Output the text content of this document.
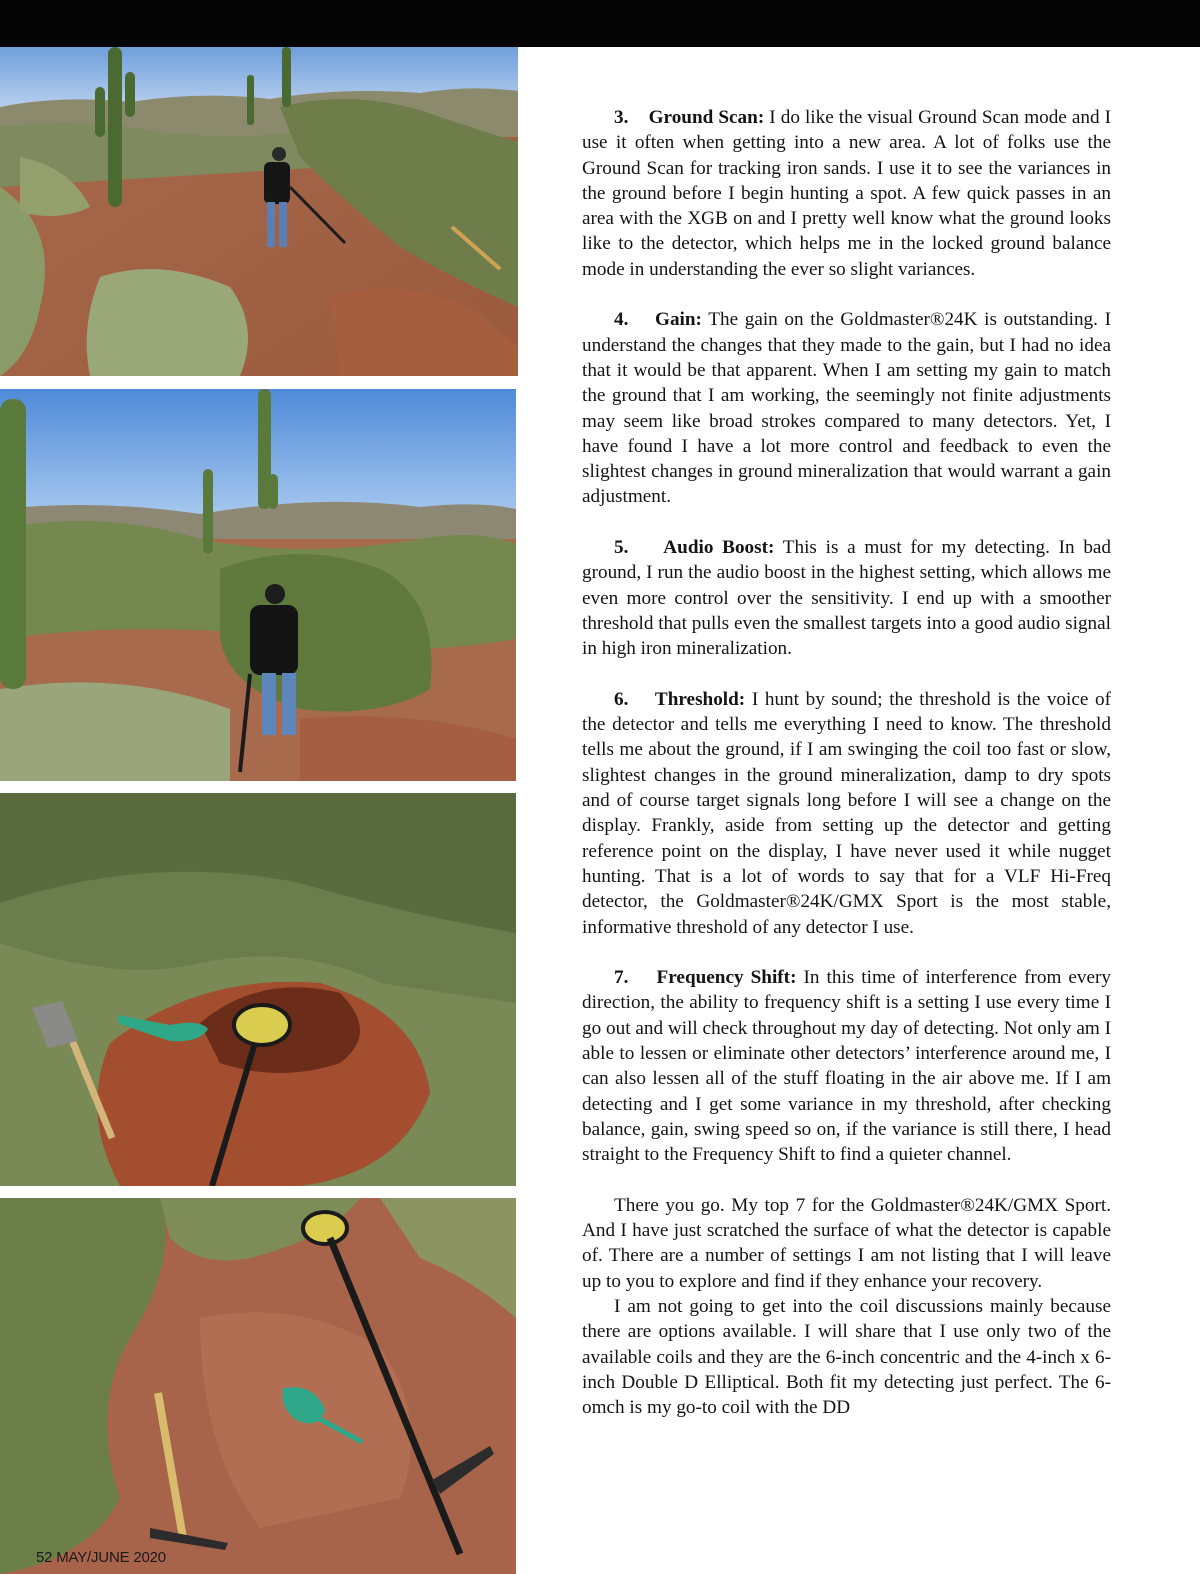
3. Ground Scan: I do like the visual Ground Scan mode and I use it often when getting into a new area. A lot of folks use the Ground Scan for tracking iron sands. I use it to see the variances in the ground before I begin hunting a spot. A few quick passes in an area with the XGB on and I pretty well know what the ground looks like to the detector, which helps me in the locked ground balance mode in understanding the ever so slight variances.

4. Gain: The gain on the Goldmaster®24K is outstanding. I understand the changes that they made to the gain, but I had no idea that it would be that apparent. When I am setting my gain to match the ground that I am working, the seemingly not finite adjustments may seem like broad strokes compared to many detectors. Yet, I have found I have a lot more control and feedback to even the slightest changes in ground mineralization that would warrant a gain adjustment.

5. Audio Boost: This is a must for my detecting. In bad ground, I run the audio boost in the highest setting, which allows me even more control over the sensitivity. I end up with a smoother threshold that pulls even the smallest targets into a good audio signal in high iron mineralization.

6. Threshold: I hunt by sound; the threshold is the voice of the detector and tells me everything I need to know. The threshold tells me about the ground, if I am swinging the coil too fast or slow, slightest changes in the ground mineralization, damp to dry spots and of course target signals long before I will see a change on the display. Frankly, aside from setting up the detector and getting reference point on the display, I have never used it while nugget hunting. That is a lot of words to say that for a VLF Hi-Freq detector, the Goldmaster®24K/GMX Sport is the most stable, informative threshold of any detector I use.

7. Frequency Shift: In this time of interference from every direction, the ability to frequency shift is a setting I use every time I go out and will check throughout my day of detecting. Not only am I able to lessen or eliminate other detectors’ interference around me, I can also lessen all of the stuff floating in the air above me. If I am detecting and I get some variance in my threshold, after checking balance, gain, swing speed so on, if the variance is still there, I head straight to the Frequency Shift to find a quieter channel.

There you go. My top 7 for the Goldmaster®24K/GMX Sport. And I have just scratched the surface of what the detector is capable of. There are a number of settings I am not listing that I will leave up to you to explore and find if they enhance your recovery.

I am not going to get into the coil discussions mainly because there are options available. I will share that I use only two of the available coils and they are the 6-inch concentric and the 4-inch x 6-inch Double D Elliptical. Both fit my detecting just perfect. The 6-omch is my go-to coil with the DD

52 MAY/JUNE 2020
